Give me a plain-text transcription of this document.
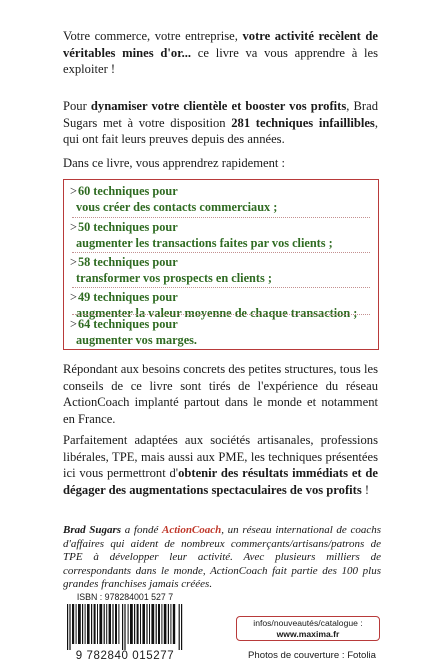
Votre commerce, votre entreprise, votre activité recèlent de véritables mines d'or... ce livre va vous apprendre à les exploiter !
Pour dynamiser votre clientèle et booster vos profits, Brad Sugars met à votre disposition 281 techniques infaillibles, qui ont fait leurs preuves depuis des années.
Dans ce livre, vous apprendrez rapidement :
>60 techniques pour
vous créer des contacts commerciaux ;
>50 techniques pour
augmenter les transactions faites par vos clients ;
>58 techniques pour
transformer vos prospects en clients ;
>49 techniques pour
augmenter la valeur moyenne de chaque transaction ;
>64 techniques pour
augmenter vos marges.
Répondant aux besoins concrets des petites structures, tous les conseils de ce livre sont tirés de l'expérience du réseau ActionCoach implanté partout dans le monde et notamment en France.
Parfaitement adaptées aux sociétés artisanales, professions libérales, TPE, mais aussi aux PME, les techniques présentées ici vous permettront d'obtenir des résultats immédiats et de dégager des augmentations spectaculaires de vos profits !
Brad Sugars a fondé ActionCoach, un réseau international de coachs d'affaires qui aident de nombreux commerçants/artisans/patrons de TPE à développer leur activité. Avec plusieurs milliers de correspondants dans le monde, ActionCoach fait partie des 100 plus grandes franchises jamais créées.
ISBN : 978284001 527 7
9 782840 015277
infos/nouveautés/catalogue :
www.maxima.fr
Photos de couverture : Fotolia
